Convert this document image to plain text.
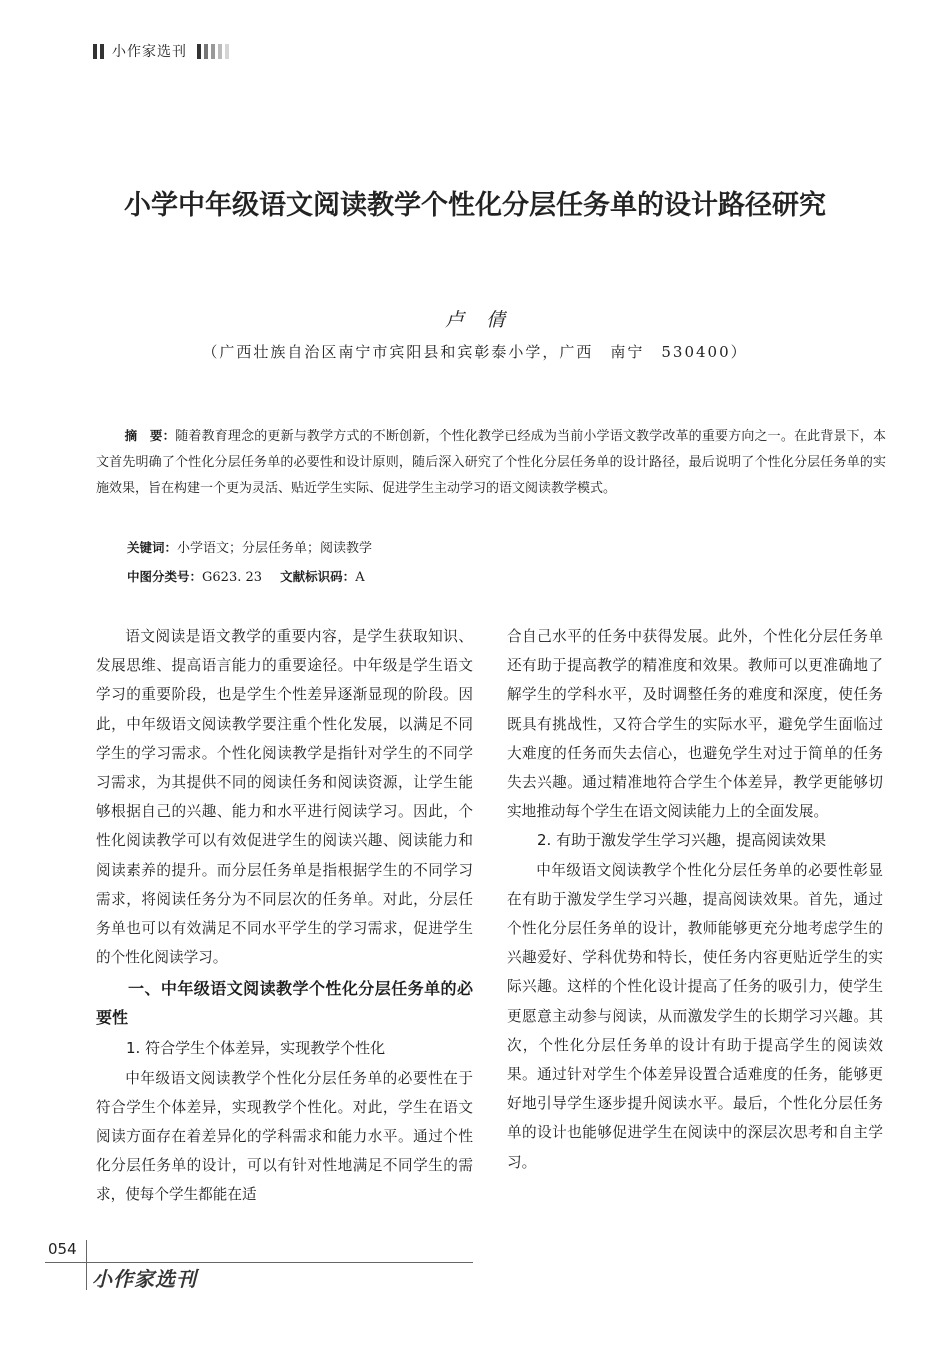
小作家选刊
小学中年级语文阅读教学个性化分层任务单的设计路径研究
卢倩
（广西壮族自治区南宁市宾阳县和宾彰泰小学，广西　南宁　530400）

摘　要：随着教育理念的更新与教学方式的不断创新，个性化教学已经成为当前小学语文教学改革的重要方向之一。在此背景下，本文首先明确了个性化分层任务单的必要性和设计原则，随后深入研究了个性化分层任务单的设计路径，最后说明了个性化分层任务单的实施效果，旨在构建一个更为灵活、贴近学生实际、促进学生主动学习的语文阅读教学模式。

关键词：小学语文；分层任务单；阅读教学
中图分类号：G623. 23 文献标识码：A

语文阅读是语文教学的重要内容，是学生获取知识、发展思维、提高语言能力的重要途径。中年级是学生语文学习的重要阶段，也是学生个性差异逐渐显现的阶段。因此，中年级语文阅读教学要注重个性化发展，以满足不同学生的学习需求。个性化阅读教学是指针对学生的不同学习需求，为其提供不同的阅读任务和阅读资源，让学生能够根据自己的兴趣、能力和水平进行阅读学习。因此，个性化阅读教学可以有效促进学生的阅读兴趣、阅读能力和阅读素养的提升。而分层任务单是指根据学生的不同学习需求，将阅读任务分为不同层次的任务单。对此，分层任务单也可以有效满足不同水平学生的学习需求，促进学生的个性化阅读学习。

一、中年级语文阅读教学个性化分层任务单的必要性

1. 符合学生个体差异，实现教学个性化

中年级语文阅读教学个性化分层任务单的必要性在于符合学生个体差异，实现教学个性化。对此，学生在语文阅读方面存在着差异化的学科需求和能力水平。通过个性化分层任务单的设计，可以有针对性地满足不同学生的需求，使每个学生都能在适

合自己水平的任务中获得发展。此外，个性化分层任务单还有助于提高教学的精准度和效果。教师可以更准确地了解学生的学科水平，及时调整任务的难度和深度，使任务既具有挑战性，又符合学生的实际水平，避免学生面临过大难度的任务而失去信心，也避免学生对过于简单的任务失去兴趣。通过精准地符合学生个体差异，教学更能够切实地推动每个学生在语文阅读能力上的全面发展。

2. 有助于激发学生学习兴趣，提高阅读效果

中年级语文阅读教学个性化分层任务单的必要性彰显在有助于激发学生学习兴趣，提高阅读效果。首先，通过个性化分层任务单的设计，教师能够更充分地考虑学生的兴趣爱好、学科优势和特长，使任务内容更贴近学生的实际兴趣。这样的个性化设计提高了任务的吸引力，使学生更愿意主动参与阅读，从而激发学生的长期学习兴趣。其次，个性化分层任务单的设计有助于提高学生的阅读效果。通过针对学生个体差异设置合适难度的任务，能够更好地引导学生逐步提升阅读水平。最后，个性化分层任务单的设计也能够促进学生在阅读中的深层次思考和自主学习。

054
小作家选刊
